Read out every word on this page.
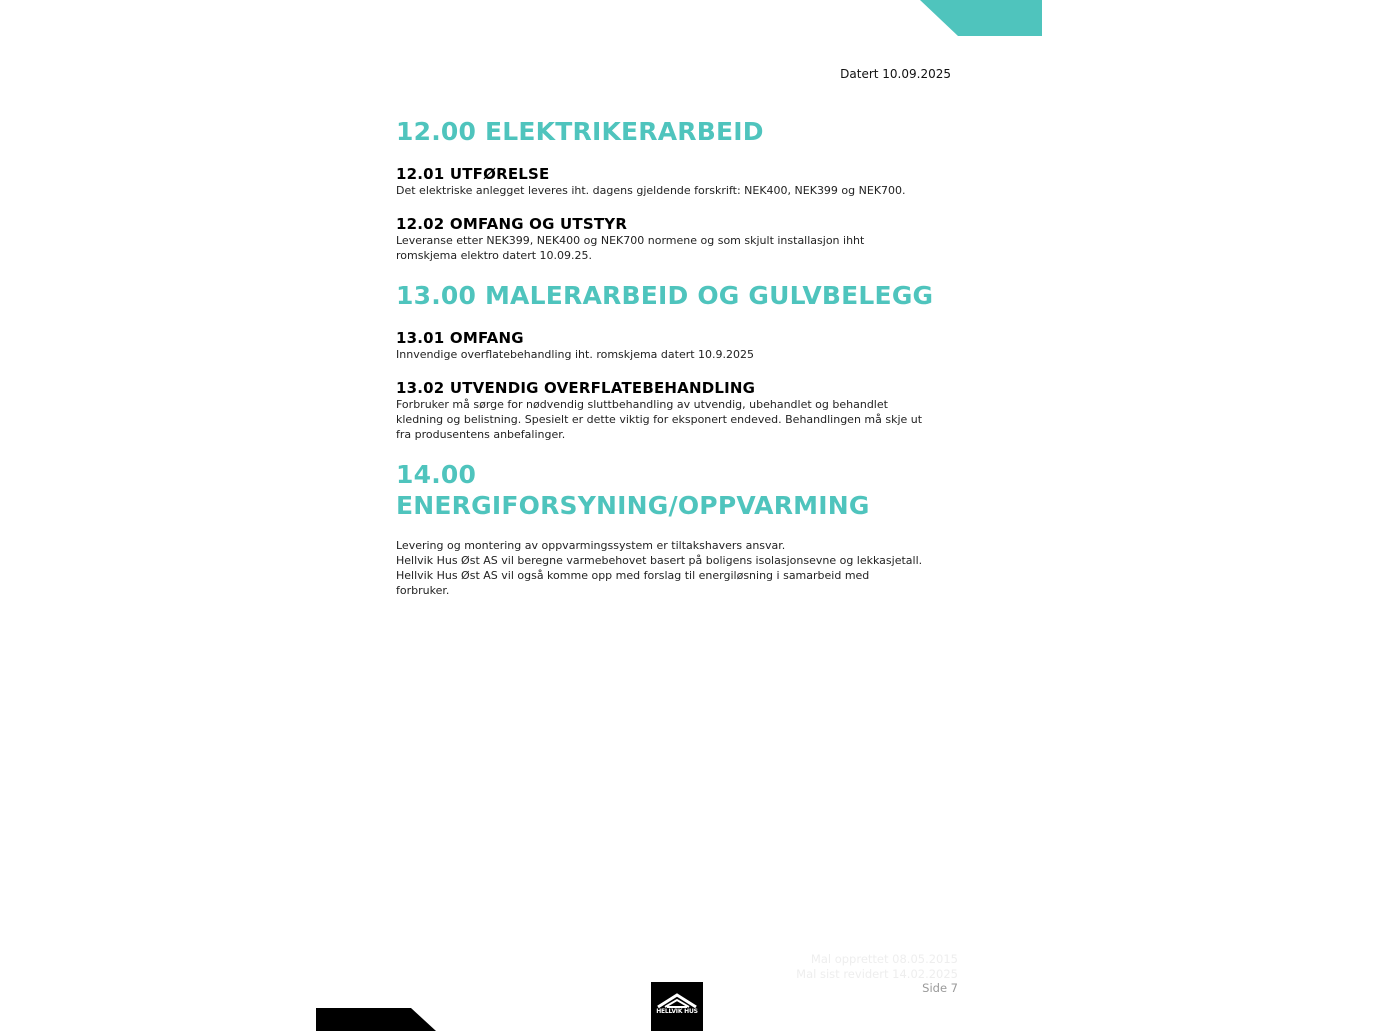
Datert 10.09.2025
12.00 ELEKTRIKERARBEID
12.01 UTFØRELSE
Det elektriske anlegget leveres iht. dagens gjeldende forskrift: NEK400, NEK399 og NEK700.
12.02 OMFANG OG UTSTYR
Leveranse etter NEK399, NEK400 og NEK700 normene og som skjult installasjon ihht
romskjema elektro datert 10.09.25.
13.00 MALERARBEID OG GULVBELEGG
13.01 OMFANG
Innvendige overflatebehandling iht. romskjema datert 10.9.2025
13.02 UTVENDIG OVERFLATEBEHANDLING
Forbruker må sørge for nødvendig sluttbehandling av utvendig, ubehandlet og behandlet
kledning og belistning. Spesielt er dette viktig for eksponert endeved. Behandlingen må skje ut
fra produsentens anbefalinger.
14.00
ENERGIFORSYNING/OPPVARMING
Levering og montering av oppvarmingssystem er tiltakshavers ansvar.
Hellvik Hus Øst AS vil beregne varmebehovet basert på boligens isolasjonsevne og lekkasjetall.
Hellvik Hus Øst AS vil også komme opp med forslag til energiløsning i samarbeid med
forbruker.
Mal opprettet 08.05.2015
Mal sist revidert 14.02.2025
Side 7
HELLVIK HUS
